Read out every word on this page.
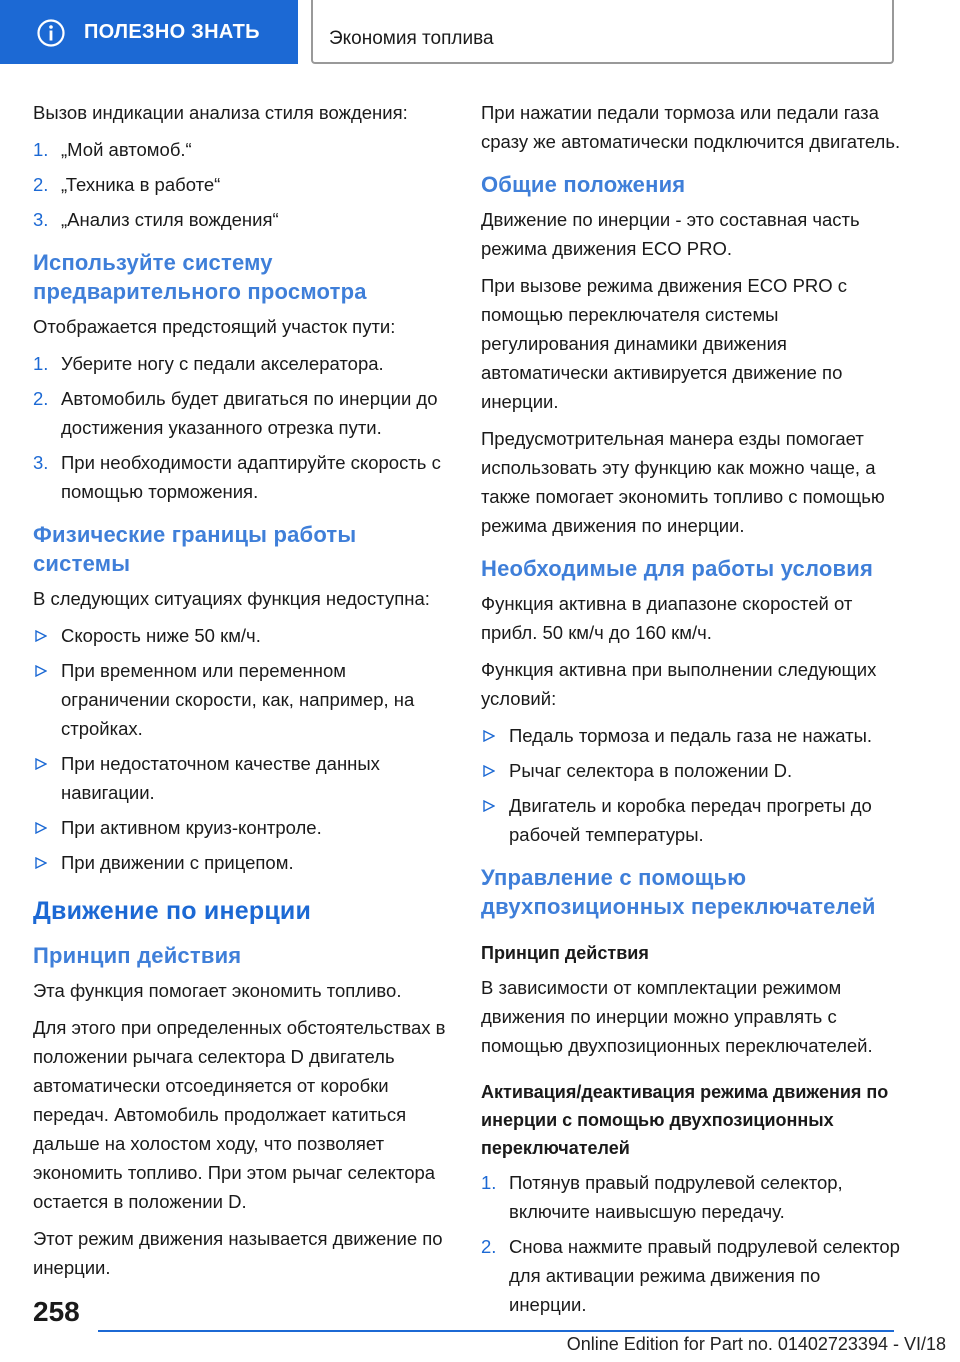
ПОЛЕЗНО ЗНАТЬ	Экономия топлива

Вызов индикации анализа стиля вождения:

1. „Мой автомоб.“
2. „Техника в работе“
3. „Анализ стиля вождения“
Используйте систему предварительного просмотра

Отображается предстоящий участок пути:

1. Уберите ногу с педали акселератора.
2. Автомобиль будет двигаться по инерции до достижения указанного отрезка пути.
3. При необходимости адаптируйте скорость с помощью торможения.
Физические границы работы системы

В следующих ситуациях функция недоступна:

Скорость ниже 50 км/ч.
При временном или переменном ограничении скорости, как, например, на стройках.
При недостаточном качестве данных навигации.
При активном круиз-контроле.
При движении с прицепом.
Движение по инерции
Принцип действия

Эта функция помогает экономить топливо.

Для этого при определенных обстоятельствах в положении рычага селектора D двигатель автоматически отсоединяется от коробки передач. Автомобиль продолжает катиться дальше на холостом ходу, что позволяет экономить топливо. При этом рычаг селектора остается в положении D.

Этот режим движения называется движение по инерции.

При нажатии педали тормоза или педали газа сразу же автоматически подключится двигатель.

Общие положения

Движение по инерции - это составная часть режима движения ECO PRO.

При вызове режима движения ECO PRO с помощью переключателя системы регулирования динамики движения автоматически активируется движение по инерции.

Предусмотрительная манера езды помогает использовать эту функцию как можно чаще, а также помогает экономить топливо с помощью режима движения по инерции.

Необходимые для работы условия

Функция активна в диапазоне скоростей от прибл. 50 км/ч до 160 км/ч.

Функция активна при выполнении следующих условий:

Педаль тормоза и педаль газа не нажаты.
Рычаг селектора в положении D.
Двигатель и коробка передач прогреты до рабочей температуры.
Управление с помощью двухпозиционных переключателей
Принцип действия

В зависимости от комплектации режимом движения по инерции можно управлять с помощью двухпозиционных переключателей.

Активация/деактивация режима движения по инерции с помощью двухпозиционных переключателей
1. Потянув правый подрулевой селектор, включите наивысшую передачу.
2. Снова нажмите правый подрулевой селектор для активации режима движения по инерции.
258
Online Edition for Part no. 01402723394 - VI/18
